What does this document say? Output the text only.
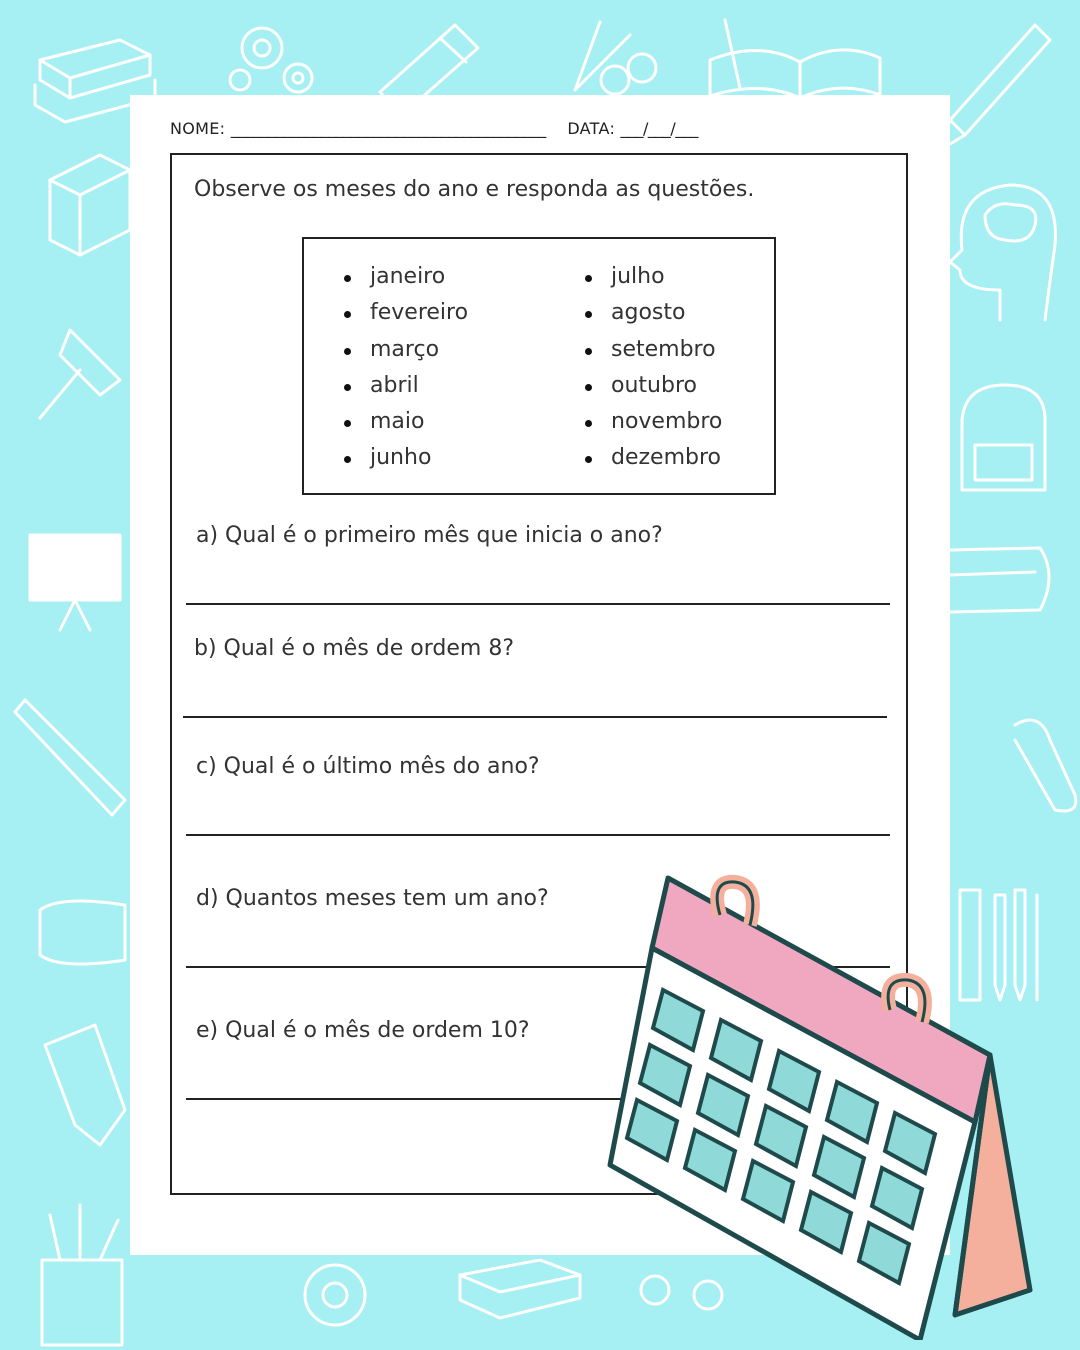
NOME: __________________________________________ DATA: ___/___/___
Observe os meses do ano e responda as questões.
janeiro
fevereiro
março
abril
maio
junho
julho
agosto
setembro
outubro
novembro
dezembro
a) Qual é o primeiro mês que inicia o ano?
b) Qual é o mês de ordem 8?
c) Qual é o último mês do ano?
d) Quantos meses tem um ano?
e) Qual é o mês de ordem 10?
